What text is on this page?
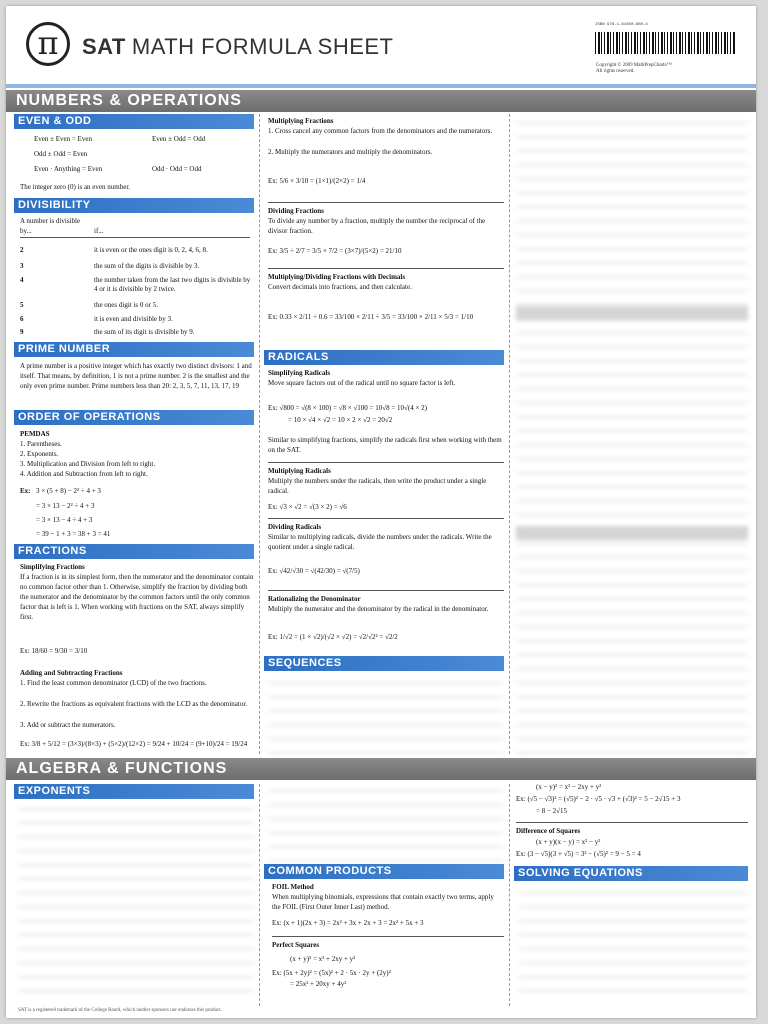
π	SAT MATH FORMULA SHEET
ISBN 978-1-61650-880-4
Copyright © 2009 MathPrepCharts™
All rights reserved.
NUMBERS & OPERATIONS
EVEN & ODD
Even ± Even = Even	Even ± Odd = Odd
Odd ± Odd = Even
Even · Anything = Even	Odd · Odd = Odd
The integer zero (0) is an even number.
DIVISIBILITY
A number is divisible by...	if...
2	it is even or the ones digit is 0, 2, 4, 6, 8.
3	the sum of the digits is divisible by 3.
4	the number taken from the last two digits is divisible by 4 or it is divisible by 2 twice.
5	the ones digit is 0 or 5.
6	it is even and divisible by 3.
9	the sum of its digit is divisible by 9.
PRIME NUMBER
A prime number is a positive integer which has exactly two distinct divisors: 1 and itself. That means, by definition, 1 is not a prime number. 2 is the smallest and the only even prime number. Prime numbers less than 20: 2, 3, 5, 7, 11, 13, 17, 19
ORDER OF OPERATIONS
PEMDAS
1. Parentheses.
2. Exponents.
3. Multiplication and Division from left to right.
4. Addition and Subtraction from left to right.
Ex: 3 × (5 + 8) − 2² ÷ 4 + 3
= 3 × 13 − 2² ÷ 4 + 3
= 3 × 13 − 4 ÷ 4 + 3
= 39 − 1 + 3 = 38 + 3 = 41
FRACTIONS
Simplifying Fractions
If a fraction is in its simplest form, then the numerator and the denominator contain no common factor other than 1. Otherwise, simplify the fraction by dividing both the numerator and the denominator by the common factors until the only common factor that is left is 1. When working with fractions on the SAT, always simplify first.
Ex: 18/60 = 9/30 = 3/10
Adding and Subtracting Fractions
1. Find the least common denominator (LCD) of the two fractions.
2. Rewrite the fractions as equivalent fractions with the LCD as the denominator.
3. Add or subtract the numerators.
Ex: 3/8 + 5/12 = (3×3)/(8×3) + (5×2)/(12×2) = 9/24 + 10/24 = (9+10)/24 = 19/24
Multiplying Fractions
1. Cross cancel any common factors from the denominators and the numerators.
2. Multiply the numerators and multiply the denominators.
Ex: 5/6 × 3/10 = (1×1)/(2×2) = 1/4
Dividing Fractions
To divide any number by a fraction, multiply the number the reciprocal of the divisor fraction.
Ex: 3/5 ÷ 2/7 = 3/5 × 7/2 = (3×7)/(5×2) = 21/10
Multiplying/Dividing Fractions with Decimals
Convert decimals into fractions, and then calculate.
Ex: 0.33 × 2/11 ÷ 0.6 = 33/100 × 2/11 ÷ 3/5 = 33/100 × 2/11 × 5/3 = 1/10
RADICALS
Simplifying Radicals
Move square factors out of the radical until no square factor is left.
Ex: √800 = √(8 × 100) = √8 × √100 = 10√8 = 10√(4 × 2)
= 10 × √4 × √2 = 10 × 2 × √2 = 20√2
Similar to simplifying fractions, simplify the radicals first when working with them on the SAT.
Multiplying Radicals
Multiply the numbers under the radicals, then write the product under a single radical.
Ex: √3 × √2 = √(3 × 2) = √6
Dividing Radicals
Similar to multiplying radicals, divide the numbers under the radicals. Write the quotient under a single radical.
Ex: √42/√30 = √(42/30) = √(7/5)
Rationalizing the Denominator
Multiply the numerator and the denominator by the radical in the denominator.
Ex: 1/√2 = (1 × √2)/(√2 × √2) = √2/√2² = √2/2
SEQUENCES
ALGEBRA & FUNCTIONS
EXPONENTS
COMMON PRODUCTS
FOIL Method
When multiplying binomials, expressions that contain exactly two terms, apply the FOIL (First Outer Inner Last) method.
Ex: (x + 1)(2x + 3) = 2x² + 3x + 2x + 3 = 2x² + 5x + 3
Perfect Squares
(x + y)² = x² + 2xy + y²
Ex: (5x + 2y)² = (5x)² + 2 · 5x · 2y + (2y)²
= 25x² + 20xy + 4y²
(x − y)² = x² − 2xy + y²
Ex: (√5 − √3)² = (√5)² − 2 · √5 · √3 + (√3)² = 5 − 2√15 + 3
= 8 − 2√15
Difference of Squares
(x + y)(x − y) = x² − y²
Ex: (3 − √5)(3 + √5) = 3² − (√5)² = 9 − 5 = 4
SOLVING EQUATIONS
SAT is a registered trademark of the College Board, which neither sponsors nor endorses this product.
